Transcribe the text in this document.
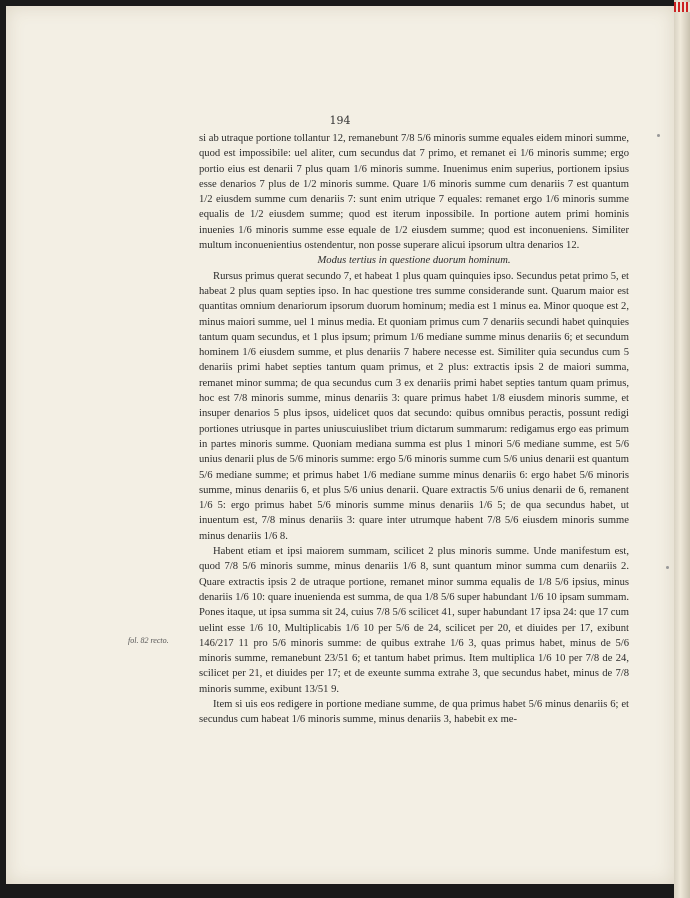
194
fol. 82 recto.

si ab utraque portione tollantur 12, remanebunt 7/8 5/6 minoris summe equales eidem minori summe, quod est impossibile: uel aliter, cum secundus dat 7 primo, et remanet ei 1/6 minoris summe; ergo portio eius est denarii 7 plus quam 1/6 minoris summe. Inuenimus enim superius, portionem ipsius esse denarios 7 plus de 1/2 minoris summe. Quare 1/6 minoris summe cum denariis 7 est quantum 1/2 eiusdem summe cum denariis 7: sunt enim utrique 7 equales: remanet ergo 1/6 minoris summe equalis de 1/2 eiusdem summe; quod est iterum inpossibile. In portione autem primi hominis inuenies 1/6 minoris summe esse equale de 1/2 eiusdem summe; quod est inconueniens. Similiter multum inconuenientius ostendentur, non posse superare alicui ipsorum ultra denarios 12.

Modus tertius in questione duorum hominum.

Rursus primus querat secundo 7, et habeat 1 plus quam quinquies ipso. Secundus petat primo 5, et habeat 2 plus quam septies ipso. In hac questione tres summe considerande sunt. Quarum maior est quantitas omnium denariorum ipsorum duorum hominum; media est 1 minus ea. Minor quoque est 2, minus maiori summe, uel 1 minus media. Et quoniam primus cum 7 denariis secundi habet quinquies tantum quam secundus, et 1 plus ipsum; primum 1/6 mediane summe minus denariis 6; et secundum hominem 1/6 eiusdem summe, et plus denariis 7 habere necesse est. Similiter quia secundus cum 5 denariis primi habet septies tantum quam primus, et 2 plus: extractis ipsis 2 de maiori summa, remanet minor summa; de qua secundus cum 3 ex denariis primi habet septies tantum quam primus, hoc est 7/8 minoris summe, minus denariis 3: quare primus habet 1/8 eiusdem minoris summe, et insuper denarios 5 plus ipsos, uidelicet quos dat secundo: quibus omnibus peractis, possunt redigi portiones utriusque in partes uniuscuiuslibet trium dictarum summarum: redigamus ergo eas primum in partes minoris summe. Quoniam mediana summa est plus 1 minori 5/6 mediane summe, est 5/6 unius denarii plus de 5/6 minoris summe: ergo 5/6 minoris summe cum 5/6 unius denarii est quantum 5/6 mediane summe; et primus habet 1/6 mediane summe minus denariis 6: ergo habet 5/6 minoris summe, minus denariis 6, et plus 5/6 unius denarii. Quare extractis 5/6 unius denarii de 6, remanent 1/6 5: ergo primus habet 5/6 minoris summe minus denariis 1/6 5; de qua secundus habet, ut inuentum est, 7/8 minus denariis 3: quare inter utrumque habent 7/8 5/6 eiusdem minoris summe minus denariis 1/6 8.

Habent etiam et ipsi maiorem summam, scilicet 2 plus minoris summe. Unde manifestum est, quod 7/8 5/6 minoris summe, minus denariis 1/6 8, sunt quantum minor summa cum denariis 2. Quare extractis ipsis 2 de utraque portione, remanet minor summa equalis de 1/8 5/6 ipsius, minus denariis 1/6 10: quare inuenienda est summa, de qua 1/8 5/6 super habundant 1/6 10 ipsam summam. Pones itaque, ut ipsa summa sit 24, cuius 7/8 5/6 scilicet 41, super habundant 17 ipsa 24: que 17 cum uelint esse 1/6 10, Multiplicabis 1/6 10 per 5/6 de 24, scilicet per 20, et diuides per 17, exibunt 146/217 11 pro 5/6 minoris summe: de quibus extrahe 1/6 3, quas primus habet, minus de 5/6 minoris summe, remanebunt 23/51 6; et tantum habet primus. Item multiplica 1/6 10 per 7/8 de 24, scilicet per 21, et diuides per 17; et de exeunte summa extrahe 3, que secundus habet, minus de 7/8 minoris summe, exibunt 13/51 9.

Item si uis eos redigere in portione mediane summe, de qua primus habet 5/6 minus denariis 6; et secundus cum habeat 1/6 minoris summe, minus denariis 3, habebit ex me-
